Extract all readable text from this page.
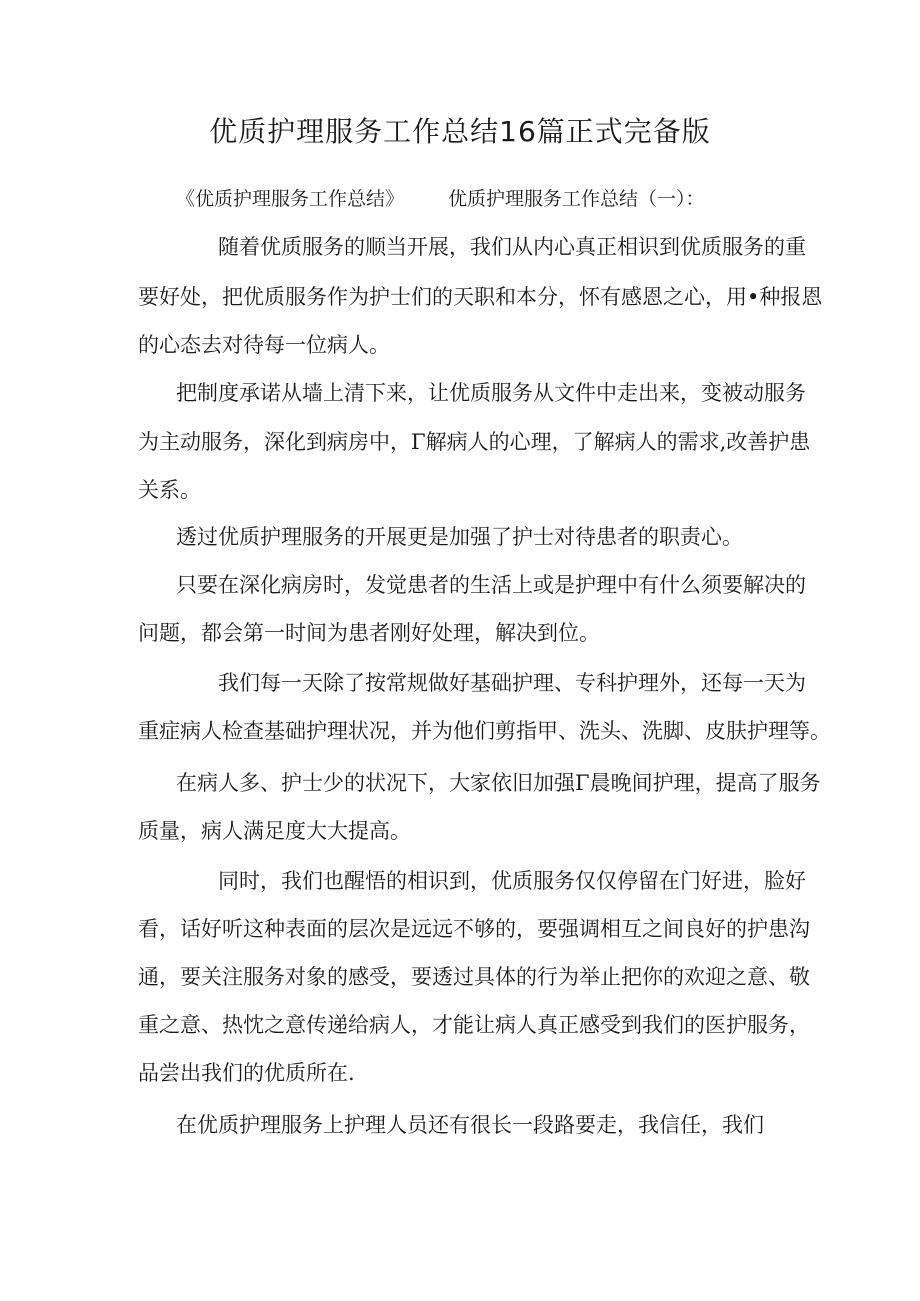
优质护理服务工作总结16篇正式完备版
《优质护理服务工作总结》 优质护理服务工作总结（一）：
随着优质服务的顺当开展，我们从内心真正相识到优质服务的重
要好处，把优质服务作为护士们的天职和本分，怀有感恩之心，用•种报恩
的心态去对待每一位病人。
把制度承诺从墙上清下来，让优质服务从文件中走出来，变被动服务
为主动服务，深化到病房中，Γ解病人的心理，了解病人的需求,改善护患
关系。
透过优质护理服务的开展更是加强了护士对待患者的职责心。
只要在深化病房时，发觉患者的生活上或是护理中有什么须要解决的
问题，都会第一时间为患者刚好处理，解决到位。
我们每一天除了按常规做好基础护理、专科护理外，还每一天为
重症病人检查基础护理状况，并为他们剪指甲、洗头、洗脚、皮肤护理等。
在病人多、护士少的状况下，大家依旧加强Γ晨晚间护理，提高了服务
质量，病人满足度大大提高。
同时，我们也醒悟的相识到，优质服务仅仅停留在门好进，脸好
看，话好听这种表面的层次是远远不够的，要强调相互之间良好的护患沟
通，要关注服务对象的感受，要透过具体的行为举止把你的欢迎之意、敬
重之意、热忱之意传递给病人，才能让病人真正感受到我们的医护服务，
品尝出我们的优质所在.
在优质护理服务上护理人员还有很长一段路要走，我信任，我们
